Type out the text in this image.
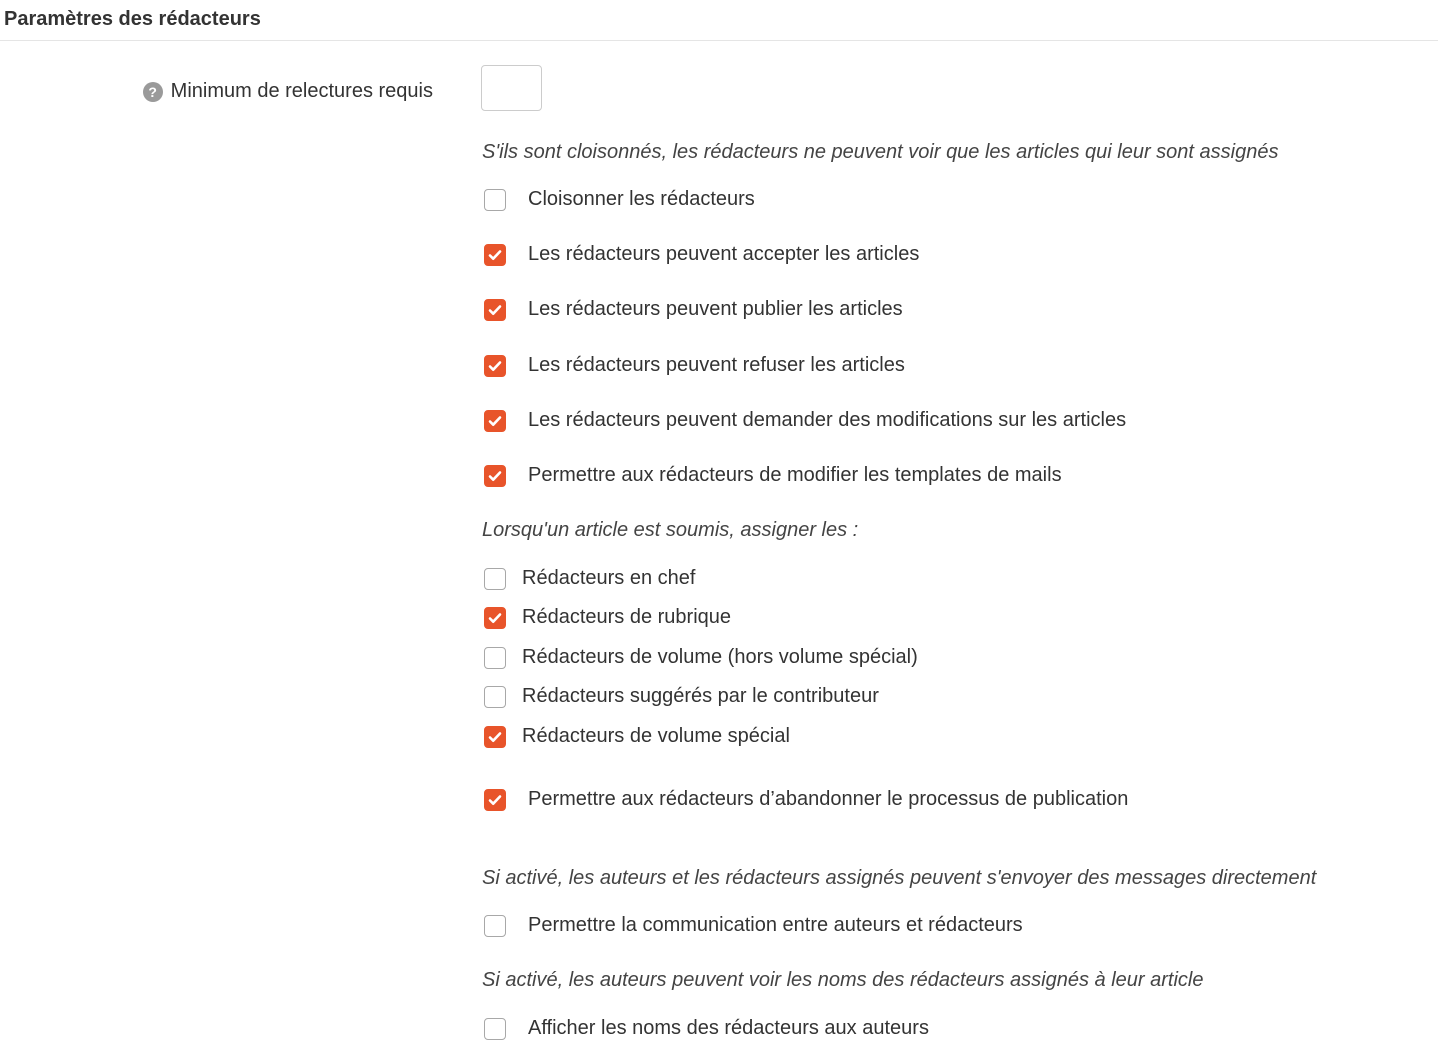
Paramètres des rédacteurs
? Minimum de relectures requis
S'ils sont cloisonnés, les rédacteurs ne peuvent voir que les articles qui leur sont assignés
Cloisonner les rédacteurs
Les rédacteurs peuvent accepter les articles
Les rédacteurs peuvent publier les articles
Les rédacteurs peuvent refuser les articles
Les rédacteurs peuvent demander des modifications sur les articles
Permettre aux rédacteurs de modifier les templates de mails
Lorsqu'un article est soumis, assigner les :
Rédacteurs en chef
Rédacteurs de rubrique
Rédacteurs de volume (hors volume spécial)
Rédacteurs suggérés par le contributeur
Rédacteurs de volume spécial
Permettre aux rédacteurs d’abandonner le processus de publication
Si activé, les auteurs et les rédacteurs assignés peuvent s'envoyer des messages directement
Permettre la communication entre auteurs et rédacteurs
Si activé, les auteurs peuvent voir les noms des rédacteurs assignés à leur article
Afficher les noms des rédacteurs aux auteurs
